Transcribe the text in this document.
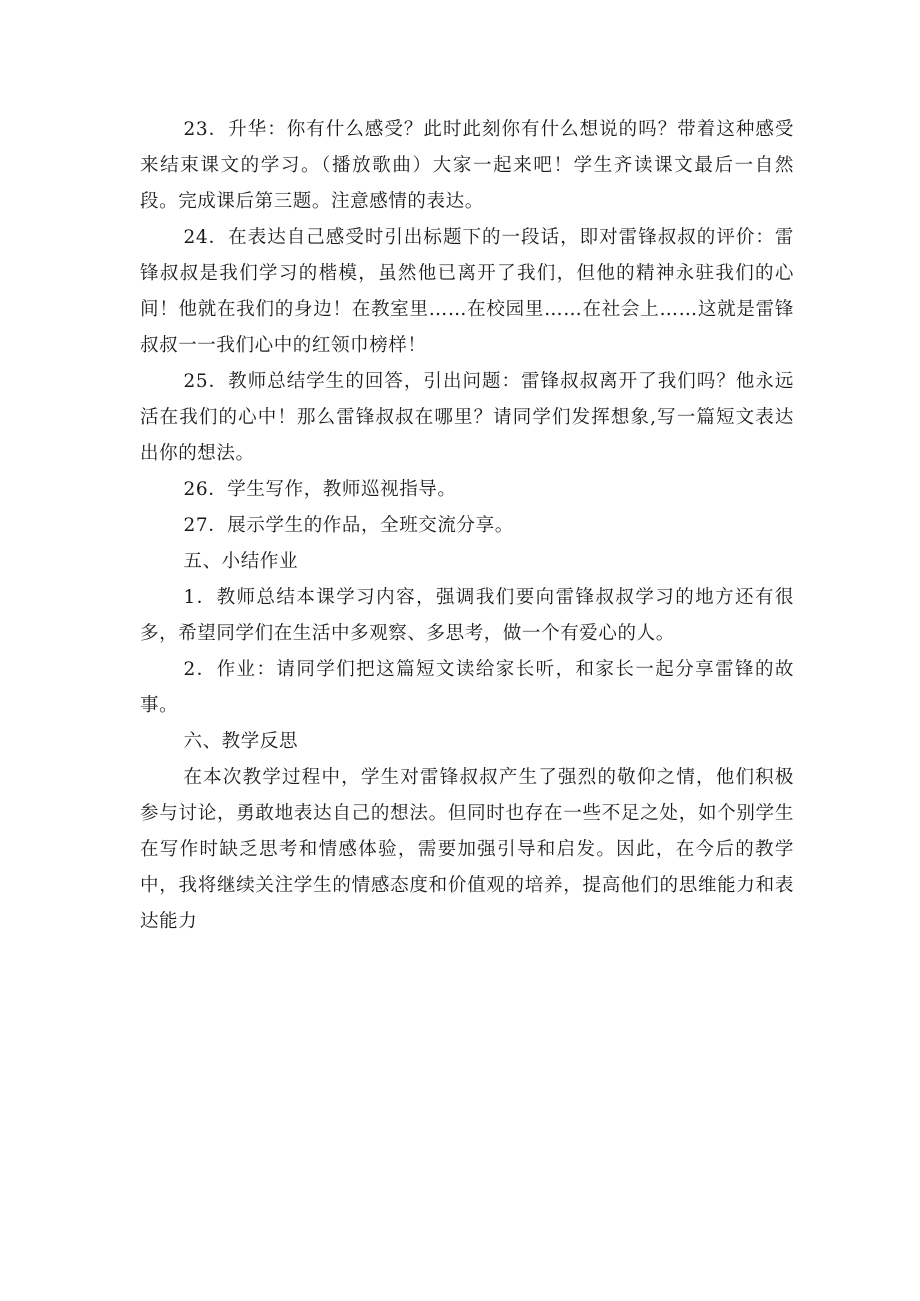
23．升华：你有什么感受？此时此刻你有什么想说的吗？带着这种感受来结束课文的学习。（播放歌曲）大家一起来吧！学生齐读课文最后一自然段。完成课后第三题。注意感情的表达。

24．在表达自己感受时引出标题下的一段话，即对雷锋叔叔的评价：雷锋叔叔是我们学习的楷模，虽然他已离开了我们，但他的精神永驻我们的心间！他就在我们的身边！在教室里……在校园里……在社会上……这就是雷锋叔叔一一我们心中的红领巾榜样！

25．教师总结学生的回答，引出问题：雷锋叔叔离开了我们吗？他永远活在我们的心中！那么雷锋叔叔在哪里？请同学们发挥想象,写一篇短文表达出你的想法。

26．学生写作，教师巡视指导。

27．展示学生的作品，全班交流分享。

五、小结作业

1．教师总结本课学习内容，强调我们要向雷锋叔叔学习的地方还有很多，希望同学们在生活中多观察、多思考，做一个有爱心的人。

2．作业：请同学们把这篇短文读给家长听，和家长一起分享雷锋的故事。

六、教学反思

在本次教学过程中，学生对雷锋叔叔产生了强烈的敬仰之情，他们积极参与讨论，勇敢地表达自己的想法。但同时也存在一些不足之处，如个别学生在写作时缺乏思考和情感体验，需要加强引导和启发。因此，在今后的教学中，我将继续关注学生的情感态度和价值观的培养，提高他们的思维能力和表达能力
